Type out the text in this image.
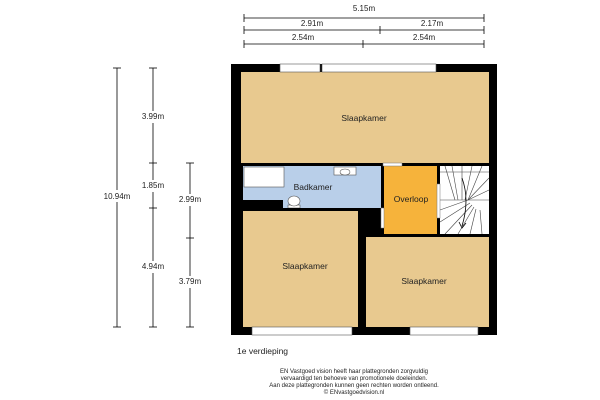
5.15m
2.91m	2.17m
2.54m	2.54m
10.94m
3.99m
1.85m
4.94m
2.99m
3.79m
Slaapkamer
Badkamer
Overloop
Slaapkamer
Slaapkamer
1e verdieping
EN Vastgoed vision heeft haar plattegronden zorgvuldig
vervaardigd ten behoeve van promotionele doeleinden.
Aan deze plattegronden kunnen geen rechten worden ontleend.
© ENvastgoedvision.nl
